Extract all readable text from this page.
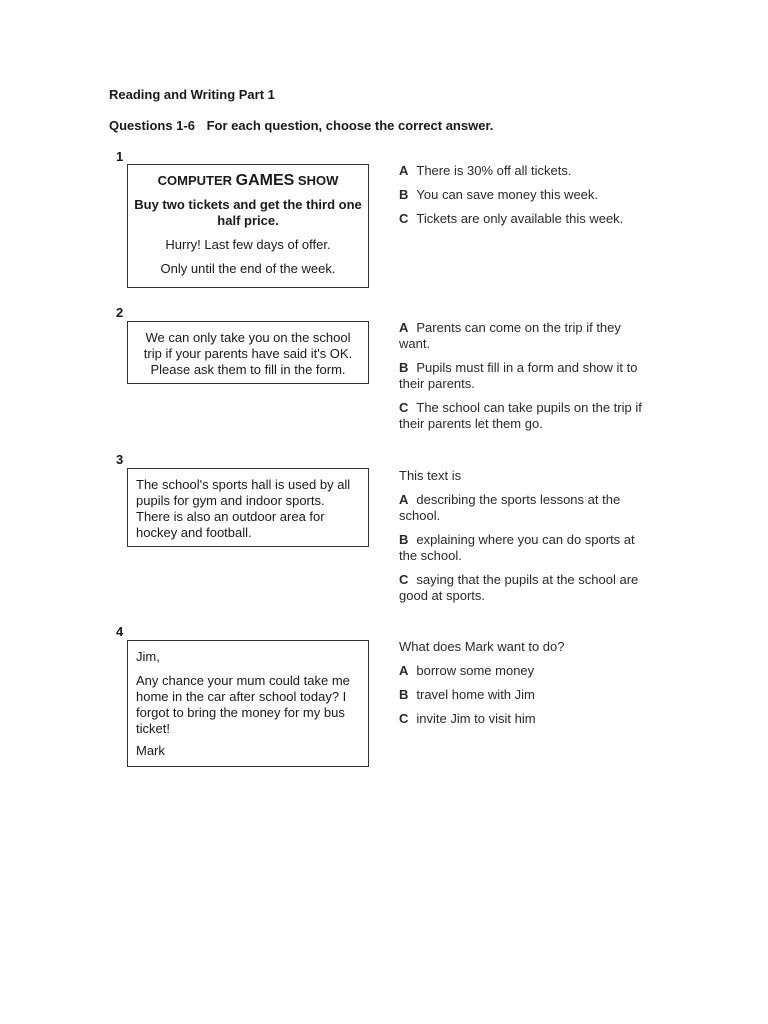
Reading and Writing Part 1
Questions 1-6 For each question, choose the correct answer.
1
COMPUTER GAMES SHOW

Buy two tickets and get the third one half price.

Hurry! Last few days of offer.

Only until the end of the week.

A There is 30% off all tickets.

B You can save money this week.

C Tickets are only available this week.

2

We can only take you on the school trip if your parents have said it's OK. Please ask them to fill in the form.

A Parents can come on the trip if they want.

B Pupils must fill in a form and show it to their parents.

C The school can take pupils on the trip if their parents let them go.

3

The school's sports hall is used by all pupils for gym and indoor sports. There is also an outdoor area for hockey and football.

This text is

A describing the sports lessons at the school.

B explaining where you can do sports at the school.

C saying that the pupils at the school are good at sports.

4

Jim,

Any chance your mum could take me home in the car after school today? I forgot to bring the money for my bus ticket!

Mark

What does Mark want to do?

A borrow some money

B travel home with Jim

C invite Jim to visit him
